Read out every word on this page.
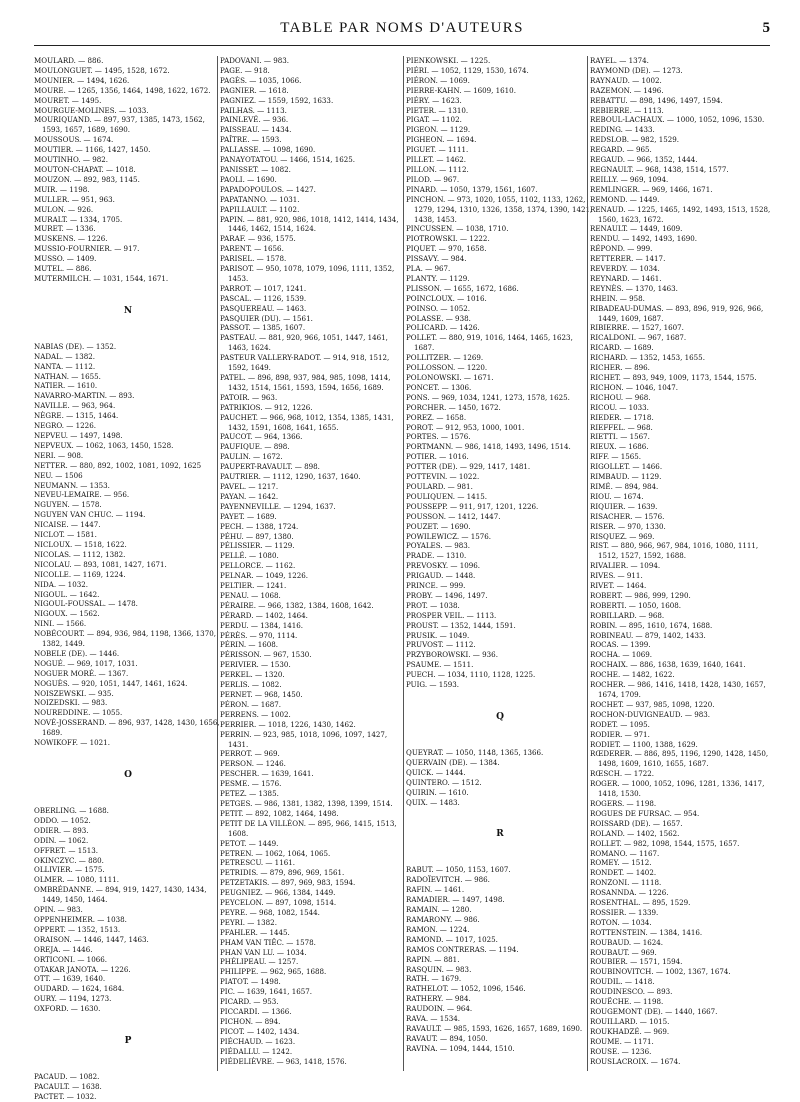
TABLE PAR NOMS D'AUTEURS	5
MOULARD. — 886.
MOULONGUET. — 1495, 1528, 1672.
MOUNIER. — 1494, 1626.
MOURE. — 1265, 1356, 1464, 1498, 1622, 1672.
MOURET. — 1495.
MOURGUE-MOLINES. — 1033.
MOURIQUAND. — 897, 937, 1385, 1473, 1562, 1593, 1657, 1689, 1690.
MOUSSOUS. — 1674.
MOUTIER. — 1166, 1427, 1450.
MOUTINHO. — 982.
MOUTON-CHAPAT. — 1018.
MOUZON. — 892, 983, 1145.
MUIR. — 1198.
MULLER. — 951, 963.
MULON. — 926.
MURALT. — 1334, 1705.
MURET. — 1336.
MUSKENS. — 1226.
MUSSIO-FOURNIER. — 917.
MUSSO. — 1409.
MUTEL. — 886.
MUTERMILCH. — 1031, 1544, 1671.
N
NABIAS (DE). — 1352.
NADAL. — 1382.
NANTA. — 1112.
NATHAN. — 1655.
NATIER. — 1610.
NAVARRO-MARTIN. — 893.
NAVILLE. — 963, 964.
NÈGRE. — 1315, 1464.
NEGRO. — 1226.
NEPVEU. — 1497, 1498.
NEPVEUX. — 1062, 1063, 1450, 1528.
NERI. — 908.
NETTER. — 880, 892, 1002, 1081, 1092, 1625
NEU. — 1506
NEUMANN. — 1353.
NEVEU-LEMAIRE. — 956.
NGUYEN. — 1578.
NGUYEN VAN CHUC. — 1194.
NICAISE. — 1447.
NICLOT. — 1581.
NICLOUX. — 1518, 1622.
NICOLAS. — 1112, 1382.
NICOLAU. — 893, 1081, 1427, 1671.
NICOLLE. — 1169, 1224.
NIDA. — 1032.
NIGOUL. — 1642.
NIGOUL-FOUSSAL. — 1478.
NIGOUX. — 1562.
NINI. — 1566.
NOBÉCOURT. — 894, 936, 984, 1198, 1366, 1370, 1382, 1449.
NOBELE (DE). — 1446.
NOGUÉ. — 969, 1017, 1031.
NOGUER MORÉ. — 1367.
NOGUÈS. — 920, 1051, 1447, 1461, 1624.
NOISZEWSKI. — 935.
NOIZEDSKI. — 983.
NOUREDDINE. — 1055.
NOVÉ-JOSSERAND. — 896, 937, 1428, 1430, 1656, 1689.
NOWIKOFF. — 1021.
O
OBERLING. — 1688.
ODDO. — 1052.
ODIER. — 893.
ODIN. — 1062.
OFFRET. — 1513.
OKINCZYC. — 880.
OLLIVIER. — 1575.
OLMER. — 1080, 1111.
OMBRÉDANNE. — 894, 919, 1427, 1430, 1434, 1449, 1450, 1464.
OPIN. — 983.
OPPENHEIMER. — 1038.
OPPERT. — 1352, 1513.
ORAISON. — 1446, 1447, 1463.
OREJA. — 1446.
ORTICONI. — 1066.
OTAKAR JANOTA. — 1226.
OTT. — 1639, 1640.
OUDARD. — 1624, 1684.
OURY. — 1194, 1273.
OXFORD. — 1630.
P
PACAUD. — 1082.
PACAULT. — 1638.
PACTET. — 1032.
PADOVANI. — 983.
PAGE. — 918.
PAGÈS. — 1035, 1066.
PAGNIER. — 1618.
PAGNIEZ. — 1559, 1592, 1633.
PAILHAS. — 1113.
PAINLEVÉ. — 936.
PAISSEAU. — 1434.
PAÎTRE. — 1593.
PALLASSE. — 1098, 1690.
PANAYOTATOU. — 1466, 1514, 1625.
PANISSET. — 1082.
PAOLI. — 1690.
PAPADOPOULOS. — 1427.
PAPATANNO. — 1031.
PAPILLAULT. — 1102.
PAPIN. — 881, 920, 986, 1018, 1412, 1414, 1434, 1446, 1462, 1514, 1624.
PARAF. — 936, 1575.
PARENT. — 1656.
PARISEL. — 1578.
PARISOT. — 950, 1078, 1079, 1096, 1111, 1352, 1453.
PARROT. — 1017, 1241.
PASCAL. — 1126, 1539.
PASQUEREAU. — 1463.
PASQUIER (DU). — 1561.
PASSOT. — 1385, 1607.
PASTEAU. — 881, 920, 966, 1051, 1447, 1461, 1463, 1624.
PASTEUR VALLERY-RADOT. — 914, 918, 1512, 1592, 1649.
PATEL. — 896, 898, 937, 984, 985, 1098, 1414, 1432, 1514, 1561, 1593, 1594, 1656, 1689.
PATOIR. — 963.
PATRIKIOS. — 912, 1226.
PAUCHET. — 966, 968, 1012, 1354, 1385, 1431, 1432, 1591, 1608, 1641, 1655.
PAUCOT. — 964, 1366.
PAUFIQUE. — 898.
PAULIN. — 1672.
PAUPERT-RAVAULT. — 898.
PAUTRIER. — 1112, 1290, 1637, 1640.
PAVEL. — 1217.
PAYAN. — 1642.
PAYENNEVILLE. — 1294, 1637.
PAYET. — 1689.
PECH. — 1388, 1724.
PÉHU. — 897, 1380.
PÉLISSIER. — 1129.
PELLÉ. — 1080.
PELLORCE. — 1162.
PELNAR. — 1049, 1226.
PELTIER. — 1241.
PENAU. — 1068.
PÉRAIRE. — 966, 1382, 1384, 1608, 1642.
PÉRARD. — 1402, 1464.
PERDU. — 1384, 1416.
PÉRÈS. — 970, 1114.
PÉRIN. — 1608.
PÉRISSON. — 967, 1530.
PERIVIER. — 1530.
PERKEL. — 1320.
PERLIS. — 1082.
PERNET. — 968, 1450.
PÉRON. — 1687.
PERRENS. — 1002.
PERRIER. — 1018, 1226, 1430, 1462.
PERRIN. — 923, 985, 1018, 1096, 1097, 1427, 1431.
PERROT. — 969.
PERSON. — 1246.
PESCHER. — 1639, 1641.
PESME. — 1576.
PETEZ. — 1385.
PETGES. — 986, 1381, 1382, 1398, 1399, 1514.
PETIT. — 892, 1082, 1464, 1498.
PETIT DE LA VILLÉON. — 895, 966, 1415, 1513, 1608.
PETOT. — 1449.
PETREN. — 1062, 1064, 1065.
PETRESCU. — 1161.
PETRIDIS. — 879, 896, 969, 1561.
PETZETAKIS. — 897, 969, 983, 1594.
PEUGNIEZ. — 966, 1384, 1449.
PEYCELON. — 897, 1098, 1514.
PEYRE. — 968, 1082, 1544.
PEYRI. — 1382.
PFAHLER. — 1445.
PHAM VAN TIÊC. — 1578.
PHAN VAN LU. — 1034.
PHÉLIPEAU. — 1257.
PHILIPPE. — 962, 965, 1688.
PIATOT. — 1498.
PIC. — 1639, 1641, 1657.
PICARD. — 953.
PICCARDI. — 1366.
PICHON. — 894.
PICOT. — 1402, 1434.
PIÉCHAUD. — 1623.
PIÉDALLU. — 1242.
PIÉDELIÈVRE. — 963, 1418, 1576.
PIENKOWSKI. — 1225.
PIÉRI. — 1052, 1129, 1530, 1674.
PIÉRON. — 1069.
PIERRE-KAHN. — 1609, 1610.
PIÉRY. — 1623.
PIETER. — 1310.
PIGAT. — 1102.
PIGEON. — 1129.
PIGHEON. — 1694.
PIGUET. — 1111.
PILLET. — 1462.
PILLON. — 1112.
PILOD. — 967.
PINARD. — 1050, 1379, 1561, 1607.
PINCHON. — 973, 1020, 1055, 1102, 1133, 1262, 1279, 1294, 1310, 1326, 1358, 1374, 1390, 1421, 1438, 1453.
PINCUSSEN. — 1038, 1710.
PIOTROWSKI. — 1222.
PIQUET. — 970, 1658.
PISSAVY. — 984.
PLA. — 967.
PLANTY. — 1129.
PLISSON. — 1655, 1672, 1686.
POINCLOUX. — 1016.
POINSO. — 1052.
POLASSE. — 938.
POLICARD. — 1426.
POLLET. — 880, 919, 1016, 1464, 1465, 1623, 1687.
POLLITZER. — 1269.
POLLOSSON. — 1220.
POLONOWSKI. — 1671.
PONCET. — 1306.
PONS. — 969, 1034, 1241, 1273, 1578, 1625.
PORCHER. — 1450, 1672.
POREZ. — 1658.
POROT. — 912, 953, 1000, 1001.
PORTES. — 1576.
PORTMANN. — 986, 1418, 1493, 1496, 1514.
POTIER. — 1016.
POTTER (DE). — 929, 1417, 1481.
POTTEVIN. — 1022.
POULARD. — 981.
POULIQUEN. — 1415.
POUSSEPP. — 911, 917, 1201, 1226.
POUSSON. — 1412, 1447.
POUZET. — 1690.
POWILEWICZ. — 1576.
POYALES. — 983.
PRADE. — 1310.
PREVOSKY. — 1096.
PRIGAUD. — 1448.
PRINCE. — 999.
PROBY. — 1496, 1497.
PROT. — 1038.
PROSPER VEIL. — 1113.
PROUST. — 1352, 1444, 1591.
PRUSIK. — 1049.
PRUVOST. — 1112.
PRZYBOROWSKI. — 936.
PSAUME. — 1511.
PUECH. — 1034, 1110, 1128, 1225.
PUIG. — 1593.
Q
QUEYRAT. — 1050, 1148, 1365, 1366.
QUERVAIN (DE). — 1384.
QUICK. — 1444.
QUINTERO. — 1512.
QUIRIN. — 1610.
QUIX. — 1483.
R
RABUT. — 1050, 1153, 1607.
RADOÏEVITCH. — 986.
RAFIN. — 1461.
RAMADIER. — 1497, 1498.
RAMAIN. — 1280.
RAMARONY. — 986.
RAMON. — 1224.
RAMOND. — 1017, 1025.
RAMOS CONTRERAS. — 1194.
RAPIN. — 881.
RASQUIN. — 983.
RATH. — 1679.
RATHELOT. — 1052, 1096, 1546.
RATHERY. — 984.
RAUDOIN. — 964.
RAVA. — 1534.
RAVAULT. — 985, 1593, 1626, 1657, 1689, 1690.
RAVAUT. — 894, 1050.
RAVINA. — 1094, 1444, 1510.
RAYEL. — 1374.
RAYMOND (DE). — 1273.
RAYNAUD. — 1002.
RAZEMON. — 1496.
REBATTU. — 898, 1496, 1497, 1594.
REBIERRE. — 1113.
REBOUL-LACHAUX. — 1000, 1052, 1096, 1530.
REDING. — 1433.
REDSLOB. — 982, 1529.
REGARD. — 965.
REGAUD. — 966, 1352, 1444.
REGNAULT. — 968, 1438, 1514, 1577.
REILLY. — 969, 1094.
REMLINGER. — 969, 1466, 1671.
REMOND. — 1449.
RENAUD. — 1225, 1465, 1492, 1493, 1513, 1528, 1560, 1623, 1672.
RENAULT. — 1449, 1609.
RENDU. — 1492, 1493, 1690.
RÉPOND. — 999.
RETTERER. — 1417.
REVERDY. — 1034.
REYNARD. — 1461.
REYNÈS. — 1370, 1463.
RHEIN. — 958.
RIBADEAU-DUMAS. — 893, 896, 919, 926, 966, 1449, 1609, 1687.
RIBIERRE. — 1527, 1607.
RICALDONI. — 967, 1687.
RICARD. — 1689.
RICHARD. — 1352, 1453, 1655.
RICHER. — 896.
RICHET. — 893, 949, 1009, 1173, 1544, 1575.
RICHON. — 1046, 1047.
RICHOU. — 968.
RICOU. — 1033.
RIEDER. — 1718.
RIEFFEL. — 968.
RIETTI. — 1567.
RIEUX. — 1686.
RIFF. — 1565.
RIGOLLET. — 1466.
RIMBAUD. — 1129.
RIMÉ. — 894, 984.
RIOU. — 1674.
RIQUIER. — 1639.
RISACHER. — 1576.
RISER. — 970, 1330.
RISQUEZ. — 969.
RIST. — 880, 966, 967, 984, 1016, 1080, 1111, 1512, 1527, 1592, 1688.
RIVALIER. — 1094.
RIVES. — 911.
RIVET. — 1464.
ROBERT. — 986, 999, 1290.
ROBERTI. — 1050, 1608.
ROBILLARD. — 968.
ROBIN. — 895, 1610, 1674, 1688.
ROBINEAU. — 879, 1402, 1433.
ROCAS. — 1399.
ROCHA. — 1069.
ROCHAIX. — 886, 1638, 1639, 1640, 1641.
ROCHE. — 1482, 1622.
ROCHER. — 986, 1416, 1418, 1428, 1430, 1657, 1674, 1709.
ROCHET. — 937, 985, 1098, 1220.
ROCHON-DUVIGNEAUD. — 983.
RODET. — 1095.
RODIER. — 971.
RODIET. — 1100, 1388, 1629.
RŒDERER. — 886, 895, 1196, 1290, 1428, 1450, 1498, 1609, 1610, 1655, 1687.
RŒSCH. — 1722.
ROGER. — 1000, 1052, 1096, 1281, 1336, 1417, 1418, 1530.
ROGERS. — 1198.
ROGUES DE FURSAC. — 954.
ROISSARD (DE). — 1657.
ROLAND. — 1402, 1562.
ROLLET. — 982, 1098, 1544, 1575, 1657.
ROMANO. — 1167.
ROMEY. — 1512.
RONDET. — 1402.
RONZONI. — 1118.
ROSANNDA. — 1226.
ROSENTHAL. — 895, 1529.
ROSSIER. — 1339.
ROTON. — 1034.
ROTTENSTEIN. — 1384, 1416.
ROUBAUD. — 1624.
ROUBAUT. — 969.
ROUBIER. — 1571, 1594.
ROUBINOVITCH. — 1002, 1367, 1674.
ROUDIL. — 1418.
ROUDINESCO. — 893.
ROUËCHE. — 1198.
ROUGEMONT (DE). — 1440, 1667.
ROUILLARD. — 1015.
ROUKHADZÉ. — 969.
ROUME. — 1171.
ROUSE. — 1236.
ROUSLACROIX. — 1674.
